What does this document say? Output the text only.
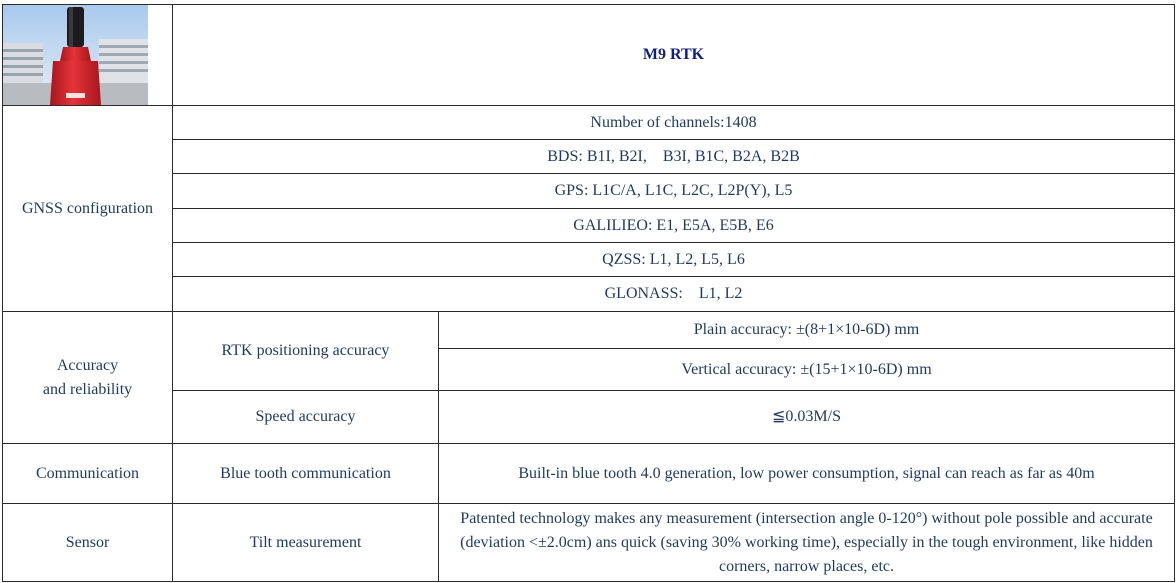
	M9 RTK	
GNSS configuration	Number of channels:1408	
	BDS: B1I, B2I,    B3I, B1C, B2A, B2B	
	GPS: L1C/A, L1C, L2C, L2P(Y), L5	
	GALILIEO: E1, E5A, E5B, E6	
	QZSS: L1, L2, L5, L6	
	GLONASS:    L1, L2	
Accuracy
and reliability	RTK positioning accuracy	Plain accuracy: ±(8+1×10-6D) mm
		Vertical accuracy: ±(15+1×10-6D) mm
	Speed accuracy	≦0.03M/S
Communication	Blue tooth communication	Built-in blue tooth 4.0 generation, low power consumption, signal can reach as far as 40m
Sensor	Tilt measurement	Patented technology makes any measurement (intersection angle 0-120°) without pole possible and accurate (deviation <±2.0cm) ans quick (saving 30% working time), especially in the tough environment, like hidden corners, narrow places, etc.
